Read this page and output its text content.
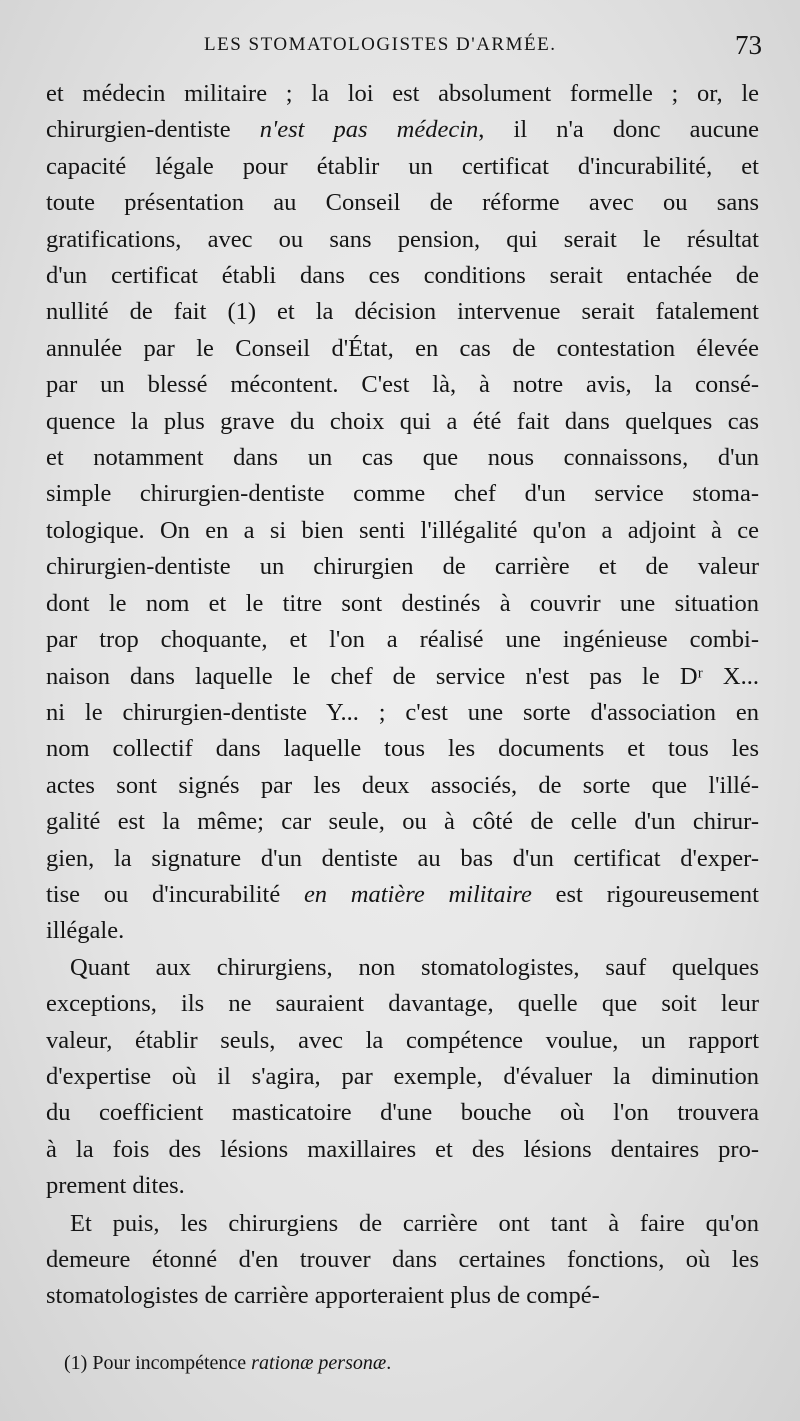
LES STOMATOLOGISTES D'ARMÉE.	73

et médecin militaire ; la loi est absolument formelle ; or, le
chirurgien-dentiste n'est pas médecin, il n'a donc aucune
capacité légale pour établir un certificat d'incurabilité, et
toute présentation au Conseil de réforme avec ou sans
gratifications, avec ou sans pension, qui serait le résultat
d'un certificat établi dans ces conditions serait entachée de
nullité de fait (1) et la décision intervenue serait fatalement
annulée par le Conseil d'État, en cas de contestation élevée
par un blessé mécontent. C'est là, à notre avis, la consé-
quence la plus grave du choix qui a été fait dans quelques cas
et notamment dans un cas que nous connaissons, d'un
simple chirurgien-dentiste comme chef d'un service stoma-
tologique. On en a si bien senti l'illégalité qu'on a adjoint à ce
chirurgien-dentiste un chirurgien de carrière et de valeur
dont le nom et le titre sont destinés à couvrir une situation
par trop choquante, et l'on a réalisé une ingénieuse combi-
naison dans laquelle le chef de service n'est pas le Dʳ X...
ni le chirurgien-dentiste Y... ; c'est une sorte d'association en
nom collectif dans laquelle tous les documents et tous les
actes sont signés par les deux associés, de sorte que l'illé-
galité est la même; car seule, ou à côté de celle d'un chirur-
gien, la signature d'un dentiste au bas d'un certificat d'exper-
tise ou d'incurabilité en matière militaire est rigoureusement
illégale.

Quant aux chirurgiens, non stomatologistes, sauf quelques
exceptions, ils ne sauraient davantage, quelle que soit leur
valeur, établir seuls, avec la compétence voulue, un rapport
d'expertise où il s'agira, par exemple, d'évaluer la diminution
du coefficient masticatoire d'une bouche où l'on trouvera
à la fois des lésions maxillaires et des lésions dentaires pro-
prement dites.

Et puis, les chirurgiens de carrière ont tant à faire qu'on
demeure étonné d'en trouver dans certaines fonctions, où les
stomatologistes de carrière apporteraient plus de compé-

(1) Pour incompétence rationæ personæ.
